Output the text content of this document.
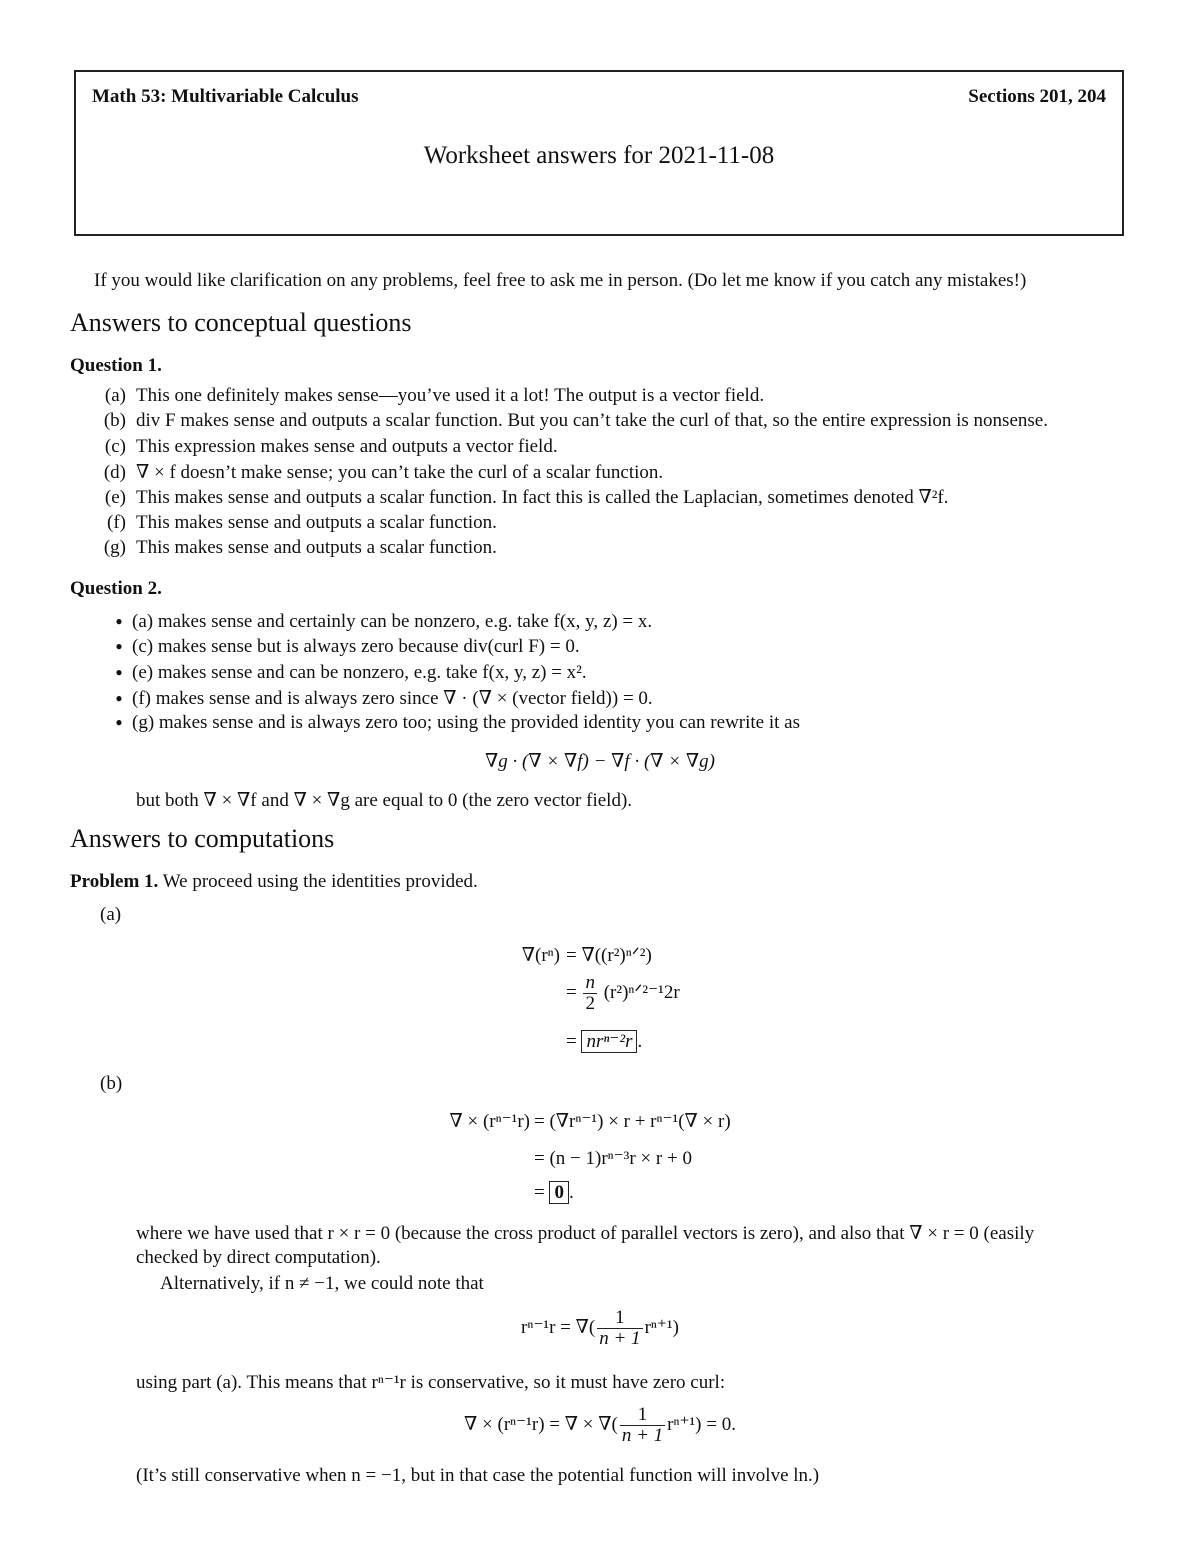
Math 53: Multivariable Calculus	Sections 201, 204
Worksheet answers for 2021-11-08
If you would like clarification on any problems, feel free to ask me in person. (Do let me know if you catch any mistakes!)
Answers to conceptual questions
Question 1.
(a) This one definitely makes sense—you’ve used it a lot! The output is a vector field.
(b) div F makes sense and outputs a scalar function. But you can’t take the curl of that, so the entire expression is nonsense.
(c) This expression makes sense and outputs a vector field.
(d) ∇ × f doesn’t make sense; you can’t take the curl of a scalar function.
(e) This makes sense and outputs a scalar function. In fact this is called the Laplacian, sometimes denoted ∇²f.
(f) This makes sense and outputs a scalar function.
(g) This makes sense and outputs a scalar function.
Question 2.
● (a) makes sense and certainly can be nonzero, e.g. take f(x, y, z) = x.
● (c) makes sense but is always zero because div(curl F) = 0.
● (e) makes sense and can be nonzero, e.g. take f(x, y, z) = x².
● (f) makes sense and is always zero since ∇ · (∇ × (vector field)) = 0.
● (g) makes sense and is always zero too; using the provided identity you can rewrite it as
∇g · (∇ × ∇f) − ∇f · (∇ × ∇g)
but both ∇ × ∇f and ∇ × ∇g are equal to 0 (the zero vector field).
Answers to computations
Problem 1. We proceed using the identities provided.
(a)
∇(rⁿ) = ∇((r²)ⁿᐟ²)
= $\frac{n}{2}$ (r²)ⁿᐟ²⁻¹2r
= nrⁿ⁻²r .
(b)
∇ × (rⁿ⁻¹r) = (∇rⁿ⁻¹) × r + rⁿ⁻¹(∇ × r)
= (n − 1)rⁿ⁻³r × r + 0
= 0 .
where we have used that r × r = 0 (because the cross product of parallel vectors is zero), and also that ∇ × r = 0 (easily
checked by direct computation).
Alternatively, if n ≠ −1, we could note that
rⁿ⁻¹r = ∇( $\frac{1}{n + 1} r^{n+1}$)
using part (a). This means that rⁿ⁻¹r is conservative, so it must have zero curl:
∇ × (rⁿ⁻¹r) = ∇ × ∇( $\frac{1}{n + 1} r^{n+1}) = 0$.
(It’s still conservative when n = −1, but in that case the potential function will involve ln.)
